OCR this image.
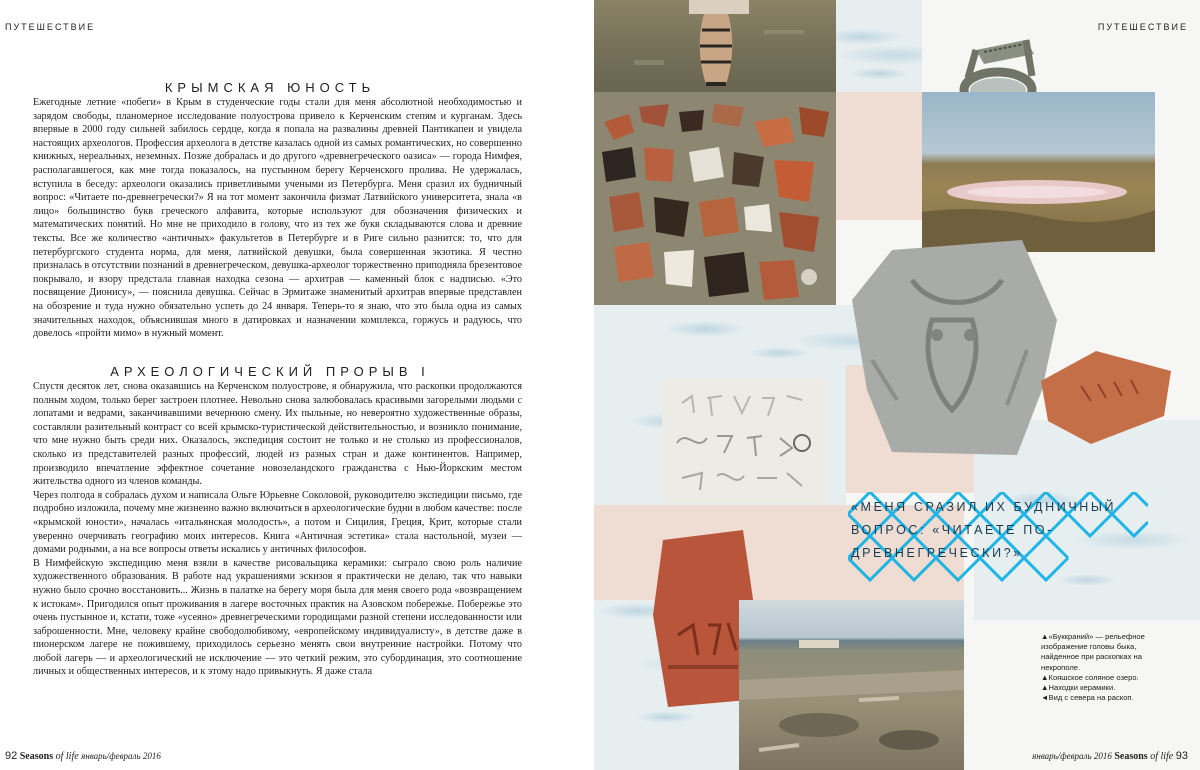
ПУТЕШЕСТВИЕ
КРЫМСКАЯ ЮНОСТЬ

Ежегодные летние «побеги» в Крым в студенческие годы стали для меня абсолютной необходимостью и зарядом свободы, планомерное исследование полуострова привело к Керченским степям и курганам. Здесь впервые в 2000 году сильней забилось сердце, когда я попала на развалины древней Пантикапеи и увидела настоящих археологов. Профессия археолога в детстве казалась одной из самых романтических, но совершенно книжных, нереальных, неземных. Позже добралась и до другого «древнегреческого оазиса» — города Нимфея, располагавшегося, как мне тогда показалось, на пустынном берегу Керченского пролива. Не удержалась, вступила в беседу: археологи оказались приветливыми учеными из Петербурга. Меня сразил их будничный вопрос: «Читаете по-древнегречески?» Я на тот момент закончила физмат Латвийского университета, знала «в лицо» большинство букв греческого алфавита, которые используют для обозначения физических и математических понятий. Но мне не приходило в голову, что из тех же букв складываются слова и древние тексты. Все же количество «античных» факультетов в Петербурге и в Риге сильно разнится: то, что для петербургского студента норма, для меня, латвийской девушки, была совершенная экзотика. Я честно призналась в отсутствии познаний в древнегреческом, девушка-археолог торжественно приподняла брезентовое покрывало, и взору предстала главная находка сезона — архитрав — каменный блок с надписью. «Это посвящение Дионису», — пояснила девушка. Сейчас в Эрмитаже знаменитый архитрав впервые представлен на обозрение и туда нужно обязательно успеть до 24 января. Теперь-то я знаю, что это была одна из самых значительных находок, объяснившая много в датировках и назначении комплекса, горжусь и радуюсь, что довелось «пройти мимо» в нужный момент.

АРХЕОЛОГИЧЕСКИЙ ПРОРЫВ I

Спустя десяток лет, снова оказавшись на Керченском полуострове, я обнаружила, что раскопки продолжаются полным ходом, только берег застроен плотнее. Невольно снова залюбовалась красивыми загорелыми людьми с лопатами и ведрами, заканчивавшими вечернюю смену. Их пыльные, но невероятно художественные образы, составляли разительный контраст со всей крымско-туристической действительностью, и возникло понимание, что мне нужно быть среди них. Оказалось, экспедиция состоит не только и не столько из профессионалов, сколько из представителей разных профессий, людей из разных стран и даже континентов. Например, производило впечатление эффектное сочетание новозеландского гражданства с Нью-Йоркским местом жительства одного из членов команды.

Через полгода я собралась духом и написала Ольге Юрьевне Соколовой, руководителю экспедиции письмо, где подробно изложила, почему мне жизненно важно включиться в археологические будни в любом качестве: после «крымской юности», началась «итальянская молодость», а потом и Сицилия, Греция, Крит, которые стали уверенно очерчивать географию моих интересов. Книга «Античная эстетика» стала настольной, музеи — домами родными, а на все вопросы ответы искались у античных философов.

В Нимфейскую экспедицию меня взяли в качестве рисовальщика керамики: сыграло свою роль наличие художественного образования. В работе над украшениями эскизов я практически не делаю, так что навыки нужно было срочно восстановить... Жизнь в палатке на берегу моря была для меня своего рода «возвращением к истокам». Пригодился опыт проживания в лагере восточных практик на Азовском побережье. Побережье это очень пустынное и, кстати, тоже «усеяно» древнегреческими городищами разной степени исследованности или заброшенности. Мне, человеку крайне свободолюбивому, «европейскому индивидуалисту», в детстве даже в пионерском лагере не пожившему, приходилось серьезно менять свои внутренние настройки. Потому что любой лагерь — и археологический не исключение — это четкий режим, это субординация, это соотношение личных и общественных интересов, и к этому надо привыкнуть. Я даже стала

92 Seasons of life январь/февраль 2016
ПУТЕШЕСТВИЕ
«МЕНЯ СРАЗИЛ ИХ БУДНИЧНЫЙ ВОПРОС: «ЧИТАЕТЕ ПО-ДРЕВНЕГРЕЧЕСКИ?»
▲«Буккраний» — рельефное изображение головы быка, найденное при раскопках на некрополе.
▲Кояшское соляное озеро.
▲Находки керамики.
◄Вид с севера на раскоп.
январь/февраль 2016 Seasons of life 93
